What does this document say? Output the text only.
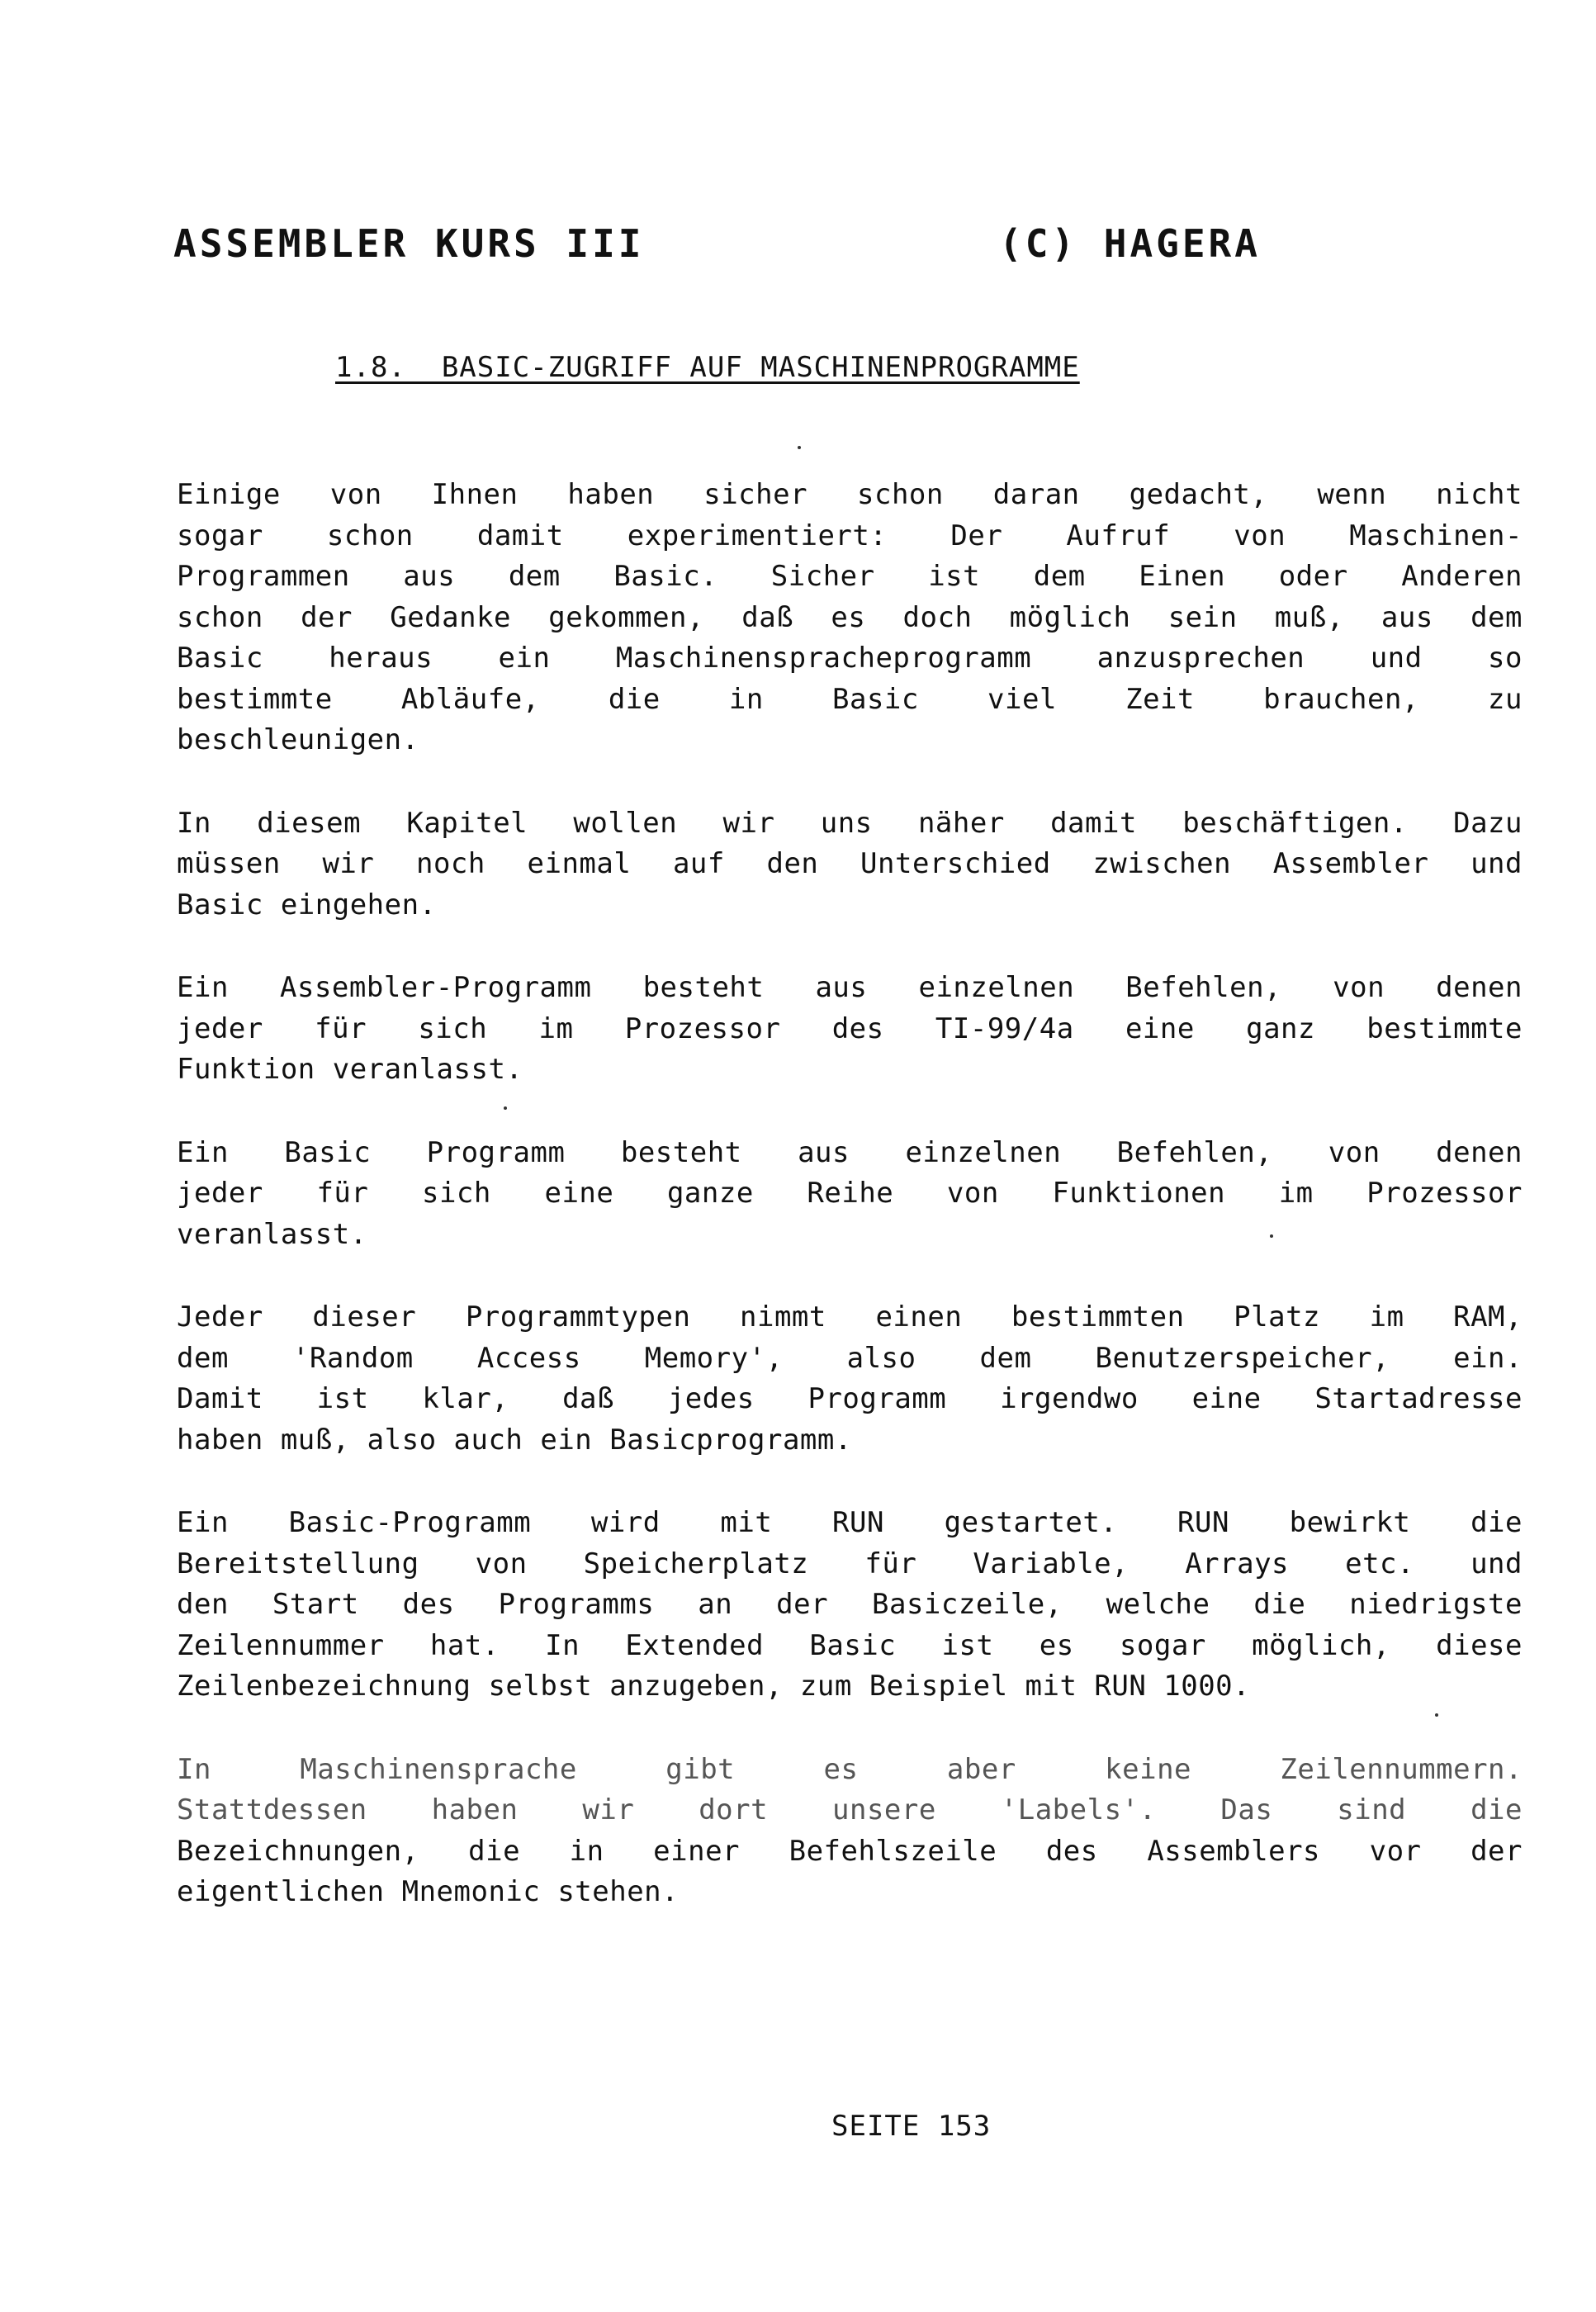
ASSEMBLER KURS III

	(C) HAGERA

1.8.  BASIC-ZUGRIFF AUF MASCHINENPROGRAMME
Einige von Ihnen haben sicher schon daran gedacht, wenn nicht
sogar schon damit experimentiert: Der Aufruf von Maschinen-
Programmen aus dem Basic. Sicher ist dem Einen oder Anderen
schon der Gedanke gekommen, daß es doch möglich sein muß, aus dem
Basic heraus ein Maschinenspracheprogramm anzusprechen und so
bestimmte Abläufe, die in Basic viel Zeit brauchen, zu
beschleunigen.
In diesem Kapitel wollen wir uns näher damit beschäftigen. Dazu
müssen wir noch einmal auf den Unterschied zwischen Assembler und
Basic eingehen.
Ein Assembler-Programm besteht aus einzelnen Befehlen, von denen
jeder für sich im Prozessor des TI-99/4a eine ganz bestimmte
Funktion veranlasst.
Ein Basic Programm besteht aus einzelnen Befehlen, von denen
jeder für sich eine ganze Reihe von Funktionen im Prozessor
veranlasst.
Jeder dieser Programmtypen nimmt einen bestimmten Platz im RAM,
dem 'Random Access Memory', also dem Benutzerspeicher, ein.
Damit ist klar, daß jedes Programm irgendwo eine Startadresse
haben muß, also auch ein Basicprogramm.
Ein Basic-Programm wird mit RUN gestartet. RUN bewirkt die
Bereitstellung von Speicherplatz für Variable, Arrays etc. und
den Start des Programms an der Basiczeile, welche die niedrigste
Zeilennummer hat. In Extended Basic ist es sogar möglich, diese
Zeilenbezeichnung selbst anzugeben, zum Beispiel mit RUN 1000.
In Maschinensprache gibt es aber keine Zeilennummern.
Stattdessen haben wir dort unsere 'Labels'. Das sind die
Bezeichnungen, die in einer Befehlszeile des Assemblers vor der
eigentlichen Mnemonic stehen.
SEITE 153
